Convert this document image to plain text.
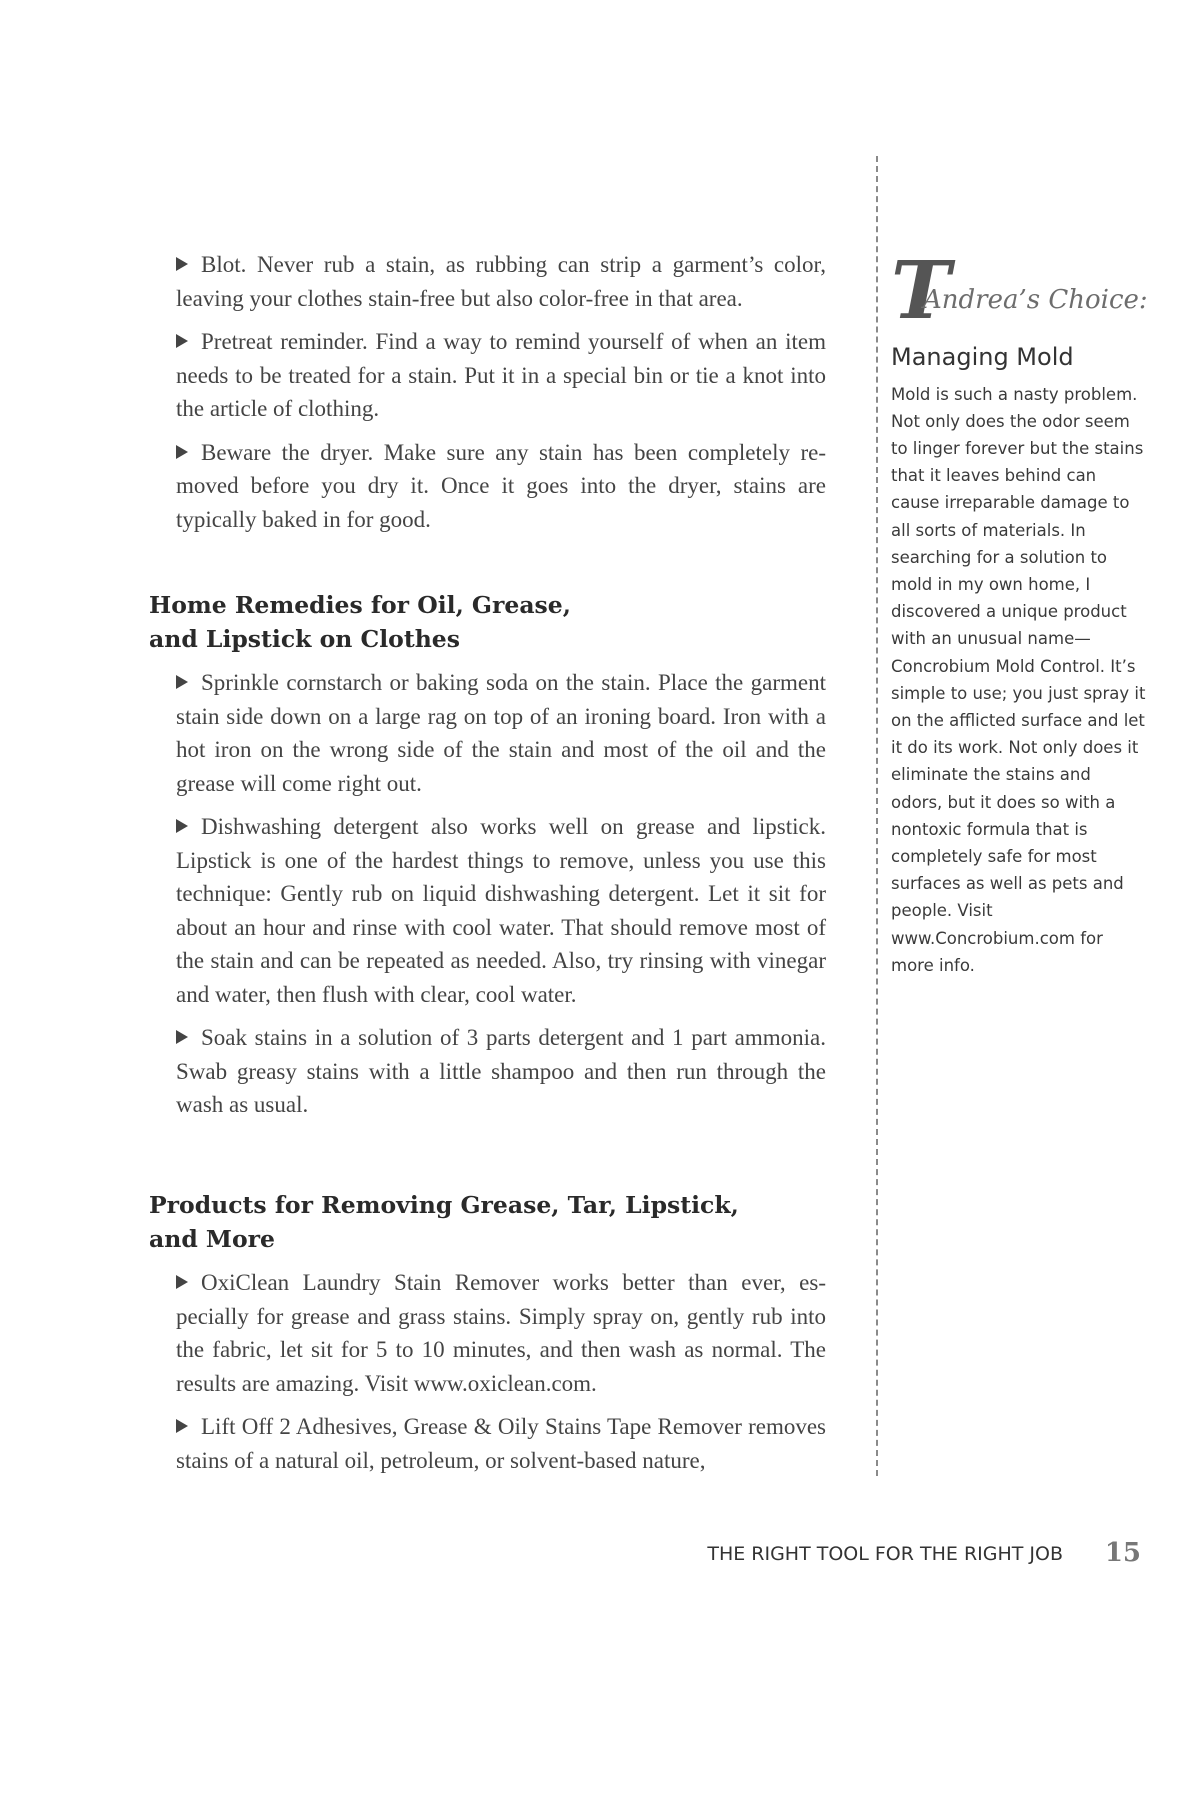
Blot. Never rub a stain, as rubbing can strip a garment’s color, leaving your clothes stain-free but also color-free in that area.

Pretreat reminder. Find a way to remind yourself of when an item needs to be treated for a stain. Put it in a special bin or tie a knot into the article of clothing.

Beware the dryer. Make sure any stain has been completely removed before you dry it. Once it goes into the dryer, stains are typically baked in for good.

Home Remedies for Oil, Grease,
and Lipstick on Clothes

Sprinkle cornstarch or baking soda on the stain. Place the garment stain side down on a large rag on top of an ironing board. Iron with a hot iron on the wrong side of the stain and most of the oil and the grease will come right out.

Dishwashing detergent also works well on grease and lipstick. Lipstick is one of the hardest things to remove, unless you use this technique: Gently rub on liquid dishwashing detergent. Let it sit for about an hour and rinse with cool water. That should remove most of the stain and can be repeated as needed. Also, try rinsing with vinegar and water, then flush with clear, cool water.

Soak stains in a solution of 3 parts detergent and 1 part ammonia. Swab greasy stains with a little shampoo and then run through the wash as usual.

Products for Removing Grease, Tar, Lipstick,
and More

OxiClean Laundry Stain Remover works better than ever, especially for grease and grass stains. Simply spray on, gently rub into the fabric, let sit for 5 to 10 minutes, and then wash as normal. The results are amazing. Visit www.oxiclean.com.

Lift Off 2 Adhesives, Grease & Oily Stains Tape Remover removes stains of a natural oil, petroleum, or solvent-based nature,

T
Andrea’s Choice:
Managing Mold

Mold is such a nasty problem. Not only does the odor seem to linger forever but the stains that it leaves behind can cause irreparable damage to all sorts of materials. In searching for a solution to mold in my own home, I discovered a unique product with an unusual name—Concrobium Mold Control. It’s simple to use; you just spray it on the afflicted surface and let it do its work. Not only does it eliminate the stains and odors, but it does so with a nontoxic formula that is completely safe for most surfaces as well as pets and people. Visit www.Concrobium.com for more info.

THE RIGHT TOOL FOR THE RIGHT JOB 15
